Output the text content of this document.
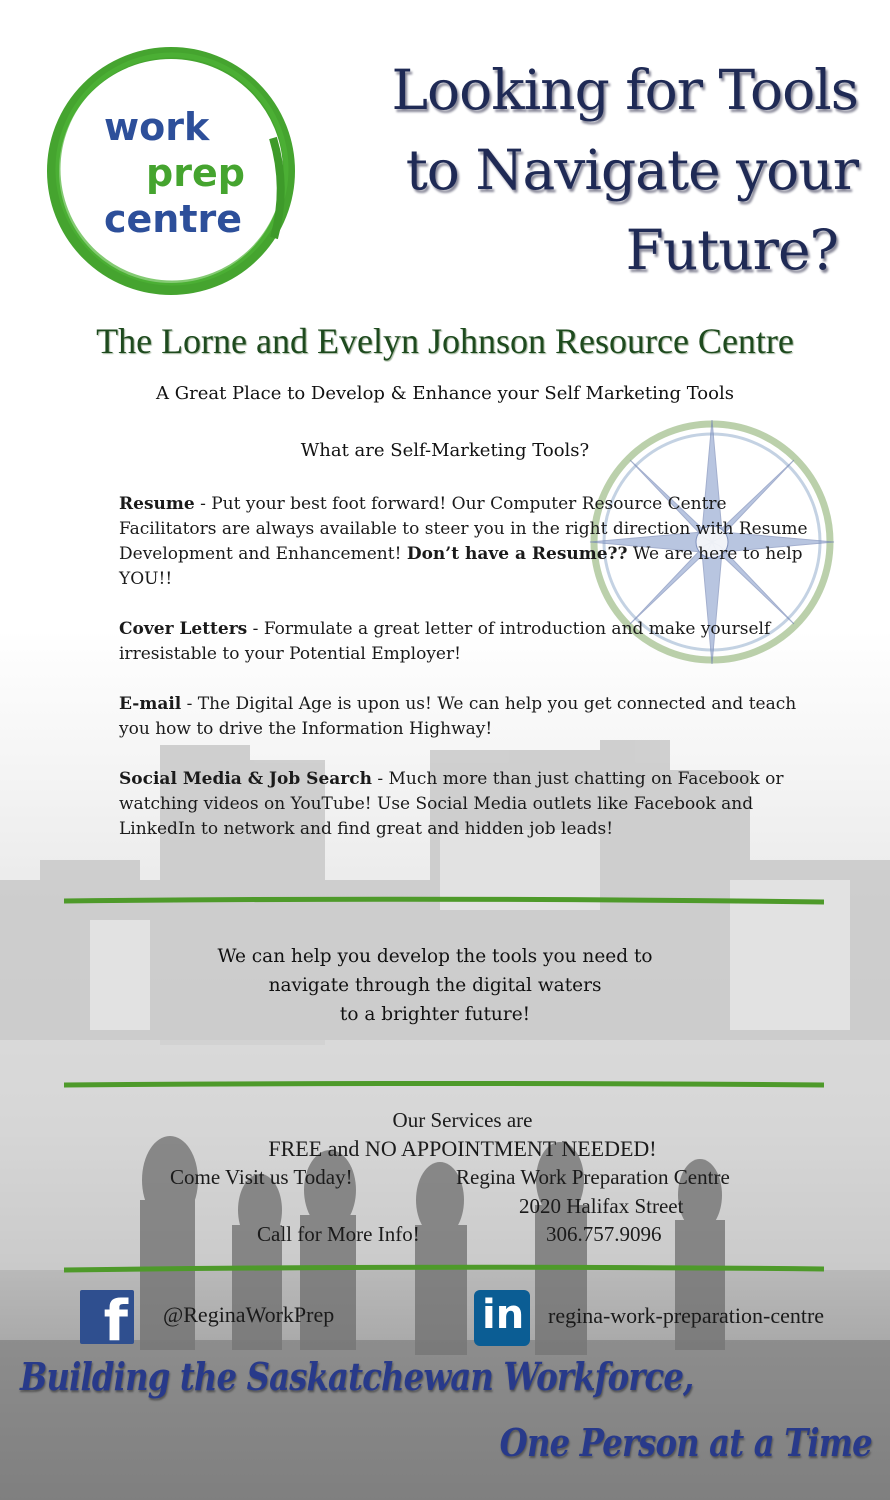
work
prep
centre
Looking for Tools
to Navigate your
Future?
The Lorne and Evelyn Johnson Resource Centre
A Great Place to Develop & Enhance your Self Marketing Tools
What are Self-Marketing Tools?
Resume - Put your best foot forward! Our Computer Resource Centre Facilitators are always available to steer you in the right direction with Resume Development and Enhancement! Don’t have a Resume?? We are here to help YOU!!
Cover Letters - Formulate a great letter of introduction and make yourself irresistable to your Potential Employer!
E-mail - The Digital Age is upon us! We can help you get connected and teach you how to drive the Information Highway!
Social Media & Job Search - Much more than just chatting on Facebook or watching videos on YouTube! Use Social Media outlets like Facebook and LinkedIn to network and find great and hidden job leads!
We can help you develop the tools you need to
navigate through the digital waters
to a brighter future!
Our Services are
FREE and NO APPOINTMENT NEEDED!
Come Visit us Today!	Regina Work Preparation Centre
2020 Halifax Street
Call for More Info!	306.757.9096
f @ReginaWorkPrep	in regina-work-preparation-centre
Building the Saskatchewan Workforce,
One Person at a Time
